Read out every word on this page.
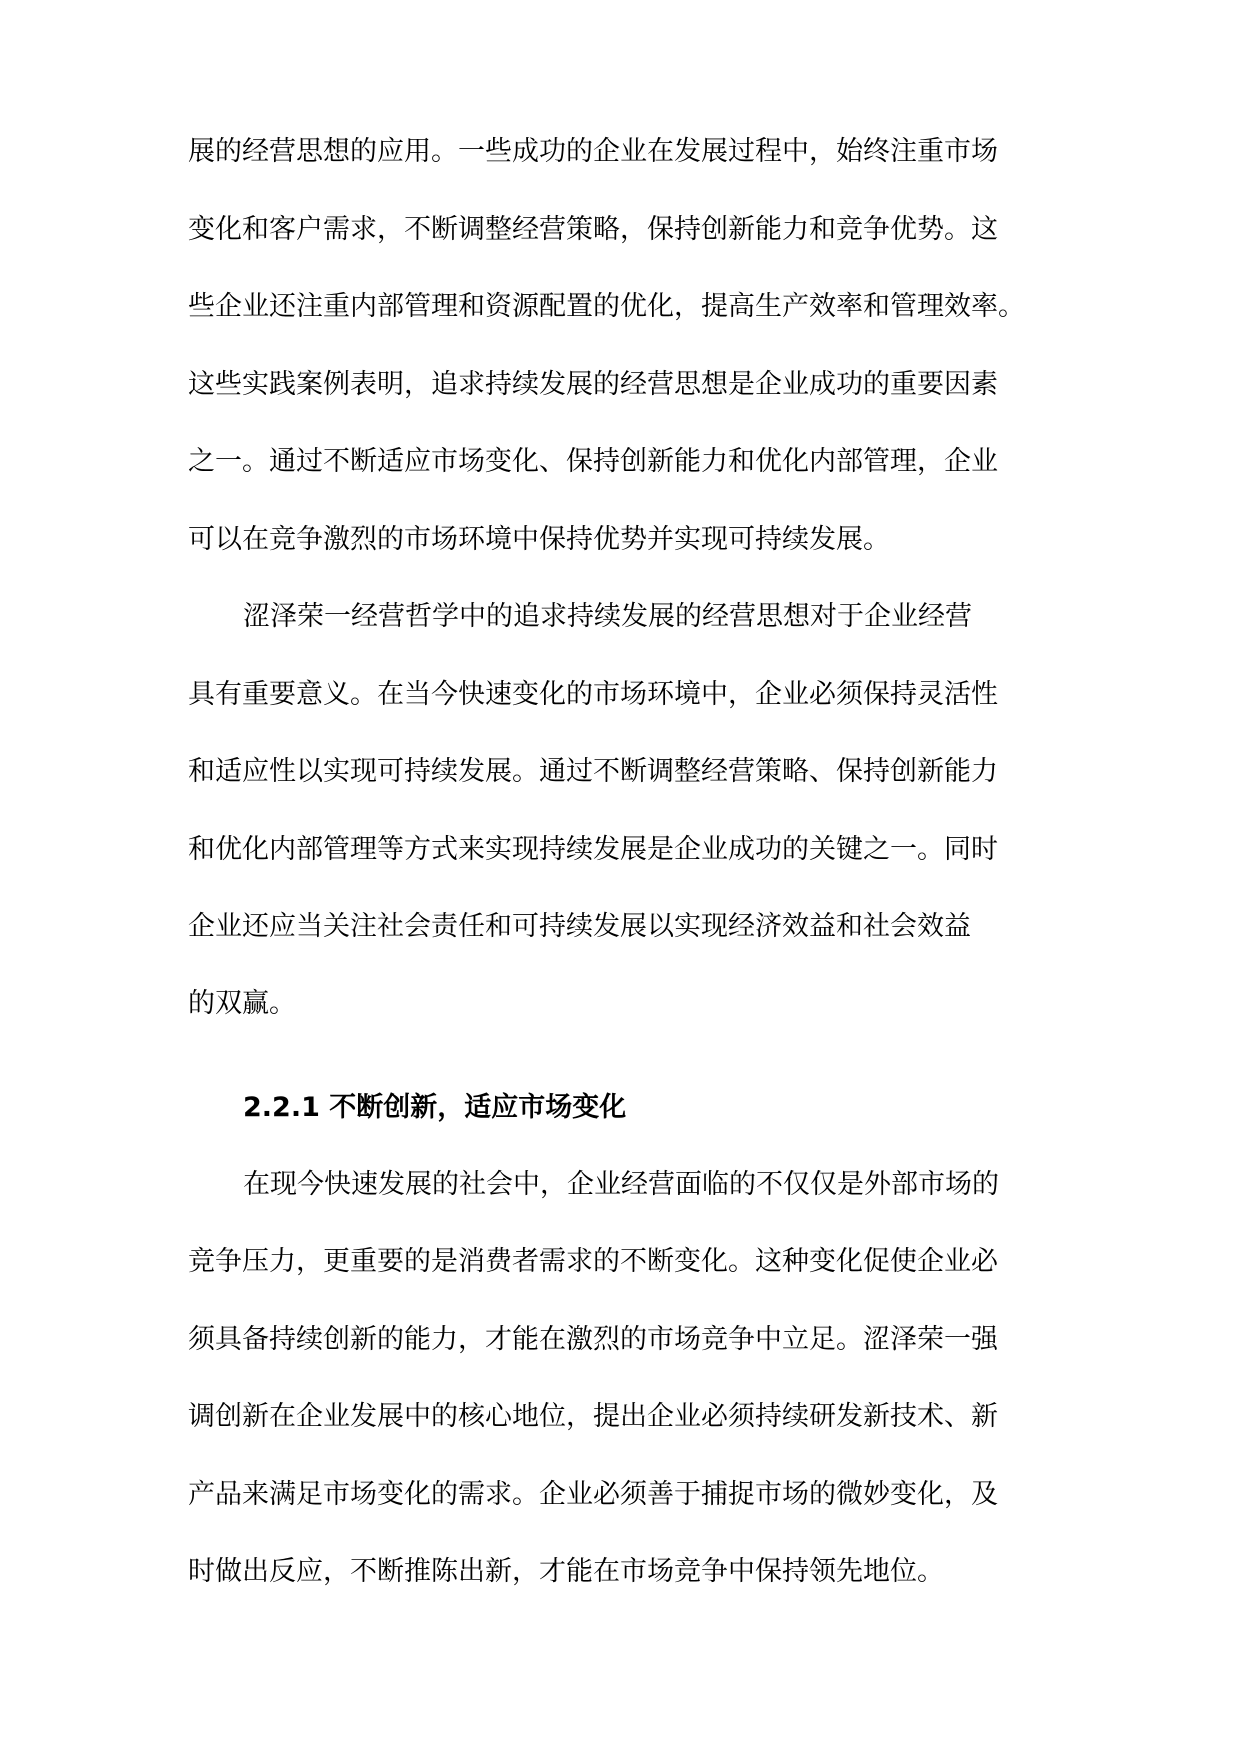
展的经营思想的应用。一些成功的企业在发展过程中，始终注重市场
变化和客户需求，不断调整经营策略，保持创新能力和竞争优势。这
些企业还注重内部管理和资源配置的优化，提高生产效率和管理效率。
这些实践案例表明，追求持续发展的经营思想是企业成功的重要因素
之一。通过不断适应市场变化、保持创新能力和优化内部管理，企业
可以在竞争激烈的市场环境中保持优势并实现可持续发展。
涩泽荣一经营哲学中的追求持续发展的经营思想对于企业经营
具有重要意义。在当今快速变化的市场环境中，企业必须保持灵活性
和适应性以实现可持续发展。通过不断调整经营策略、保持创新能力
和优化内部管理等方式来实现持续发展是企业成功的关键之一。同时
企业还应当关注社会责任和可持续发展以实现经济效益和社会效益
的双赢。
2.2.1 不断创新，适应市场变化
在现今快速发展的社会中，企业经营面临的不仅仅是外部市场的
竞争压力，更重要的是消费者需求的不断变化。这种变化促使企业必
须具备持续创新的能力，才能在激烈的市场竞争中立足。涩泽荣一强
调创新在企业发展中的核心地位，提出企业必须持续研发新技术、新
产品来满足市场变化的需求。企业必须善于捕捉市场的微妙变化，及
时做出反应，不断推陈出新，才能在市场竞争中保持领先地位。
